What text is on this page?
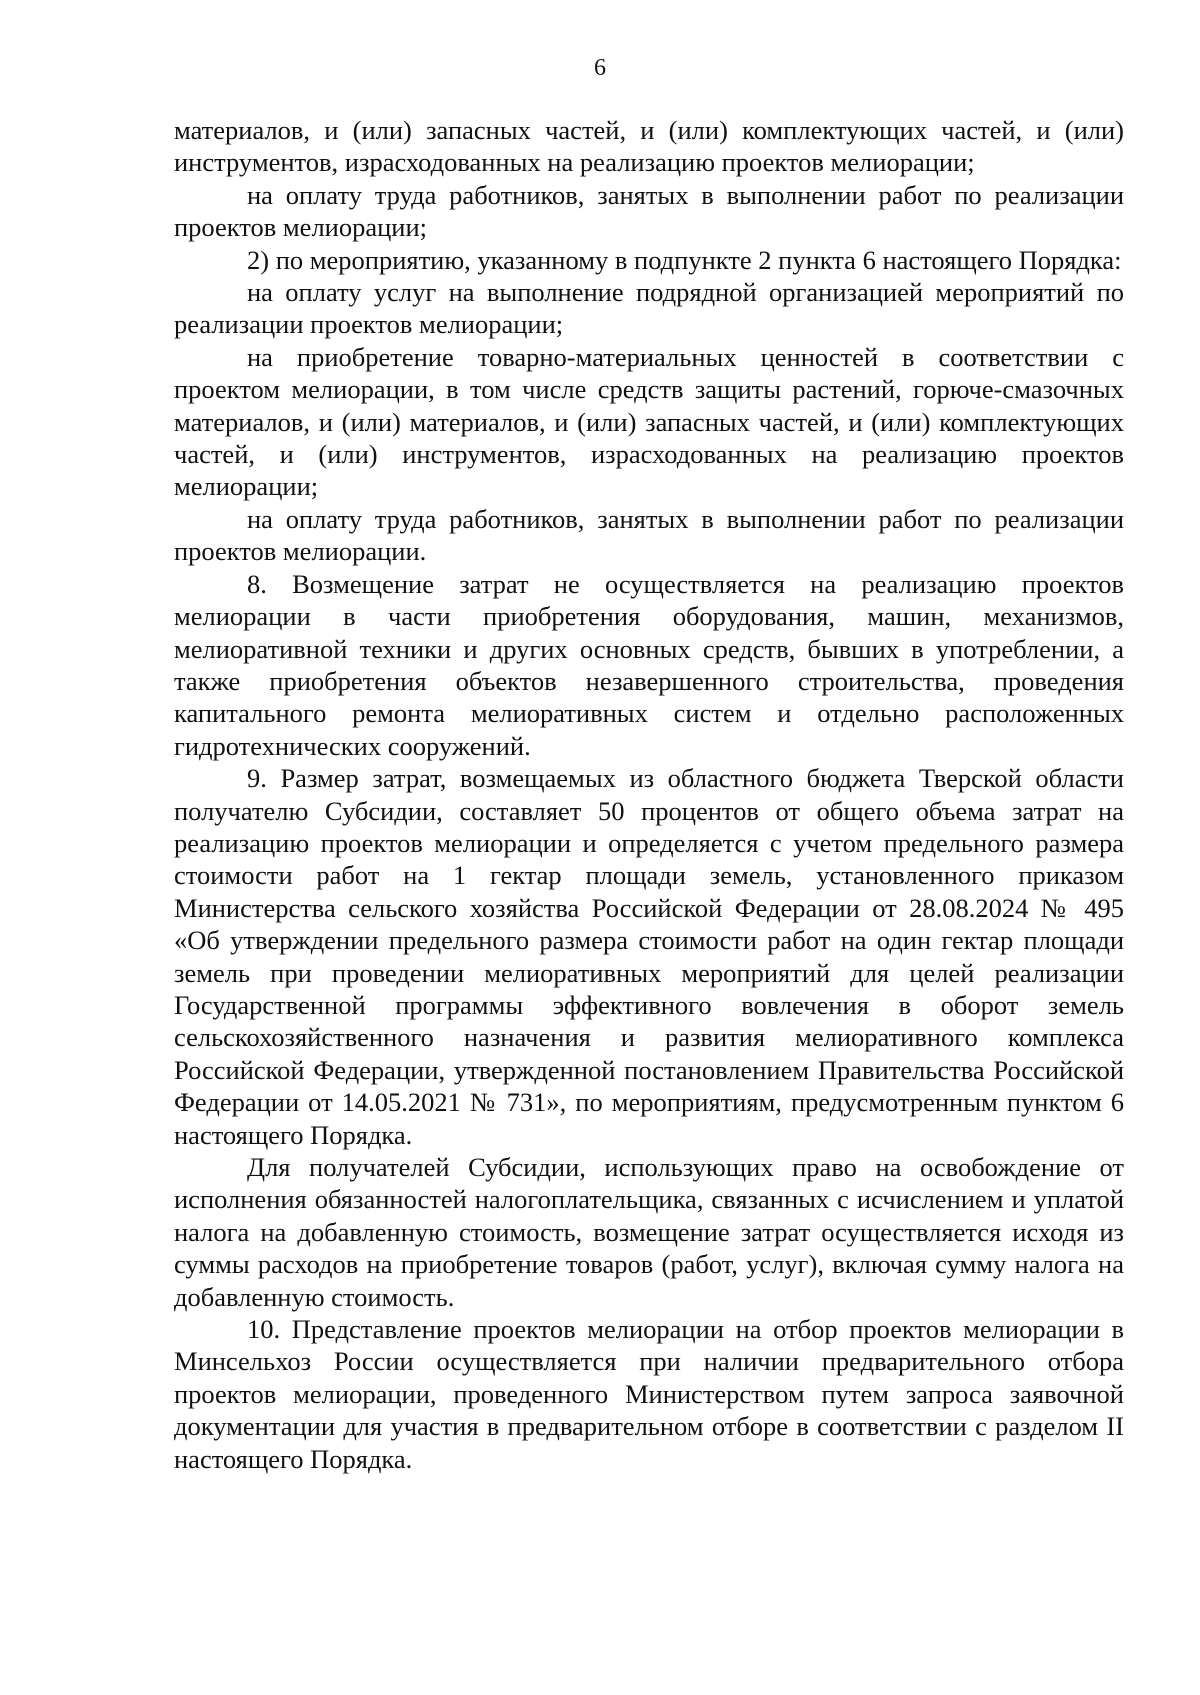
6

материалов, и (или) запасных частей, и (или) комплектующих частей, и (или) инструментов, израсходованных на реализацию проектов мелиорации;

на оплату труда работников, занятых в выполнении работ по реализации проектов мелиорации;

2) по мероприятию, указанному в подпункте 2 пункта 6 настоящего Порядка:

на оплату услуг на выполнение подрядной организацией мероприятий по реализации проектов мелиорации;

на приобретение товарно-материальных ценностей в соответствии с проектом мелиорации, в том числе средств защиты растений, горюче-смазочных материалов, и (или) материалов, и (или) запасных частей, и (или) комплектующих частей, и (или) инструментов, израсходованных на реализацию проектов мелиорации;

на оплату труда работников, занятых в выполнении работ по реализации проектов мелиорации.

8. Возмещение затрат не осуществляется на реализацию проектов мелиорации в части приобретения оборудования, машин, механизмов, мелиоративной техники и других основных средств, бывших в употреблении, а также приобретения объектов незавершенного строительства, проведения капитального ремонта мелиоративных систем и отдельно расположенных гидротехнических сооружений.

9. Размер затрат, возмещаемых из областного бюджета Тверской области получателю Субсидии, составляет 50 процентов от общего объема затрат на реализацию проектов мелиорации и определяется с учетом предельного размера стоимости работ на 1 гектар площади земель, установленного приказом Министерства сельского хозяйства Российской Федерации от 28.08.2024 № 495 «Об утверждении предельного размера стоимости работ на один гектар площади земель при проведении мелиоративных мероприятий для целей реализации Государственной программы эффективного вовлечения в оборот земель сельскохозяйственного назначения и развития мелиоративного комплекса Российской Федерации, утвержденной постановлением Правительства Российской Федерации от 14.05.2021 № 731», по мероприятиям, предусмотренным пунктом 6 настоящего Порядка.

Для получателей Субсидии, использующих право на освобождение от исполнения обязанностей налогоплательщика, связанных с исчислением и уплатой налога на добавленную стоимость, возмещение затрат осуществляется исходя из суммы расходов на приобретение товаров (работ, услуг), включая сумму налога на добавленную стоимость.

10. Представление проектов мелиорации на отбор проектов мелиорации в Минсельхоз России осуществляется при наличии предварительного отбора проектов мелиорации, проведенного Министерством путем запроса заявочной документации для участия в предварительном отборе в соответствии с разделом II настоящего Порядка.
